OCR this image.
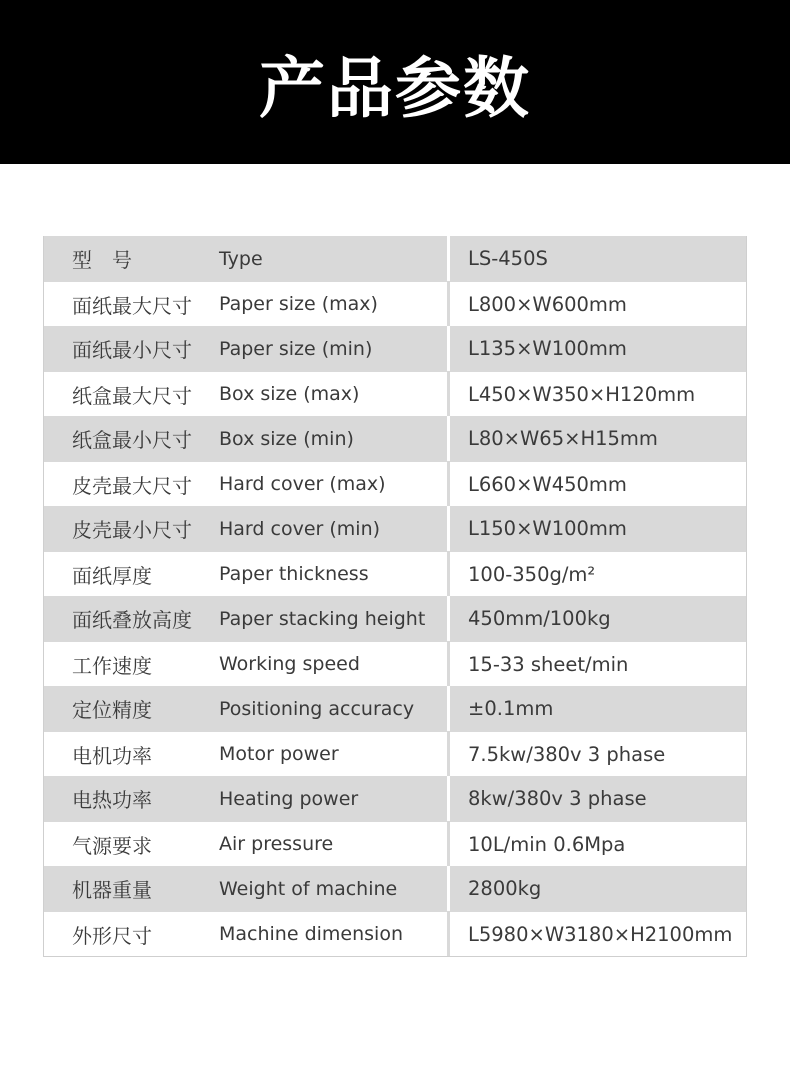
产品参数
型　号	Type	LS-450S
面纸最大尺寸	Paper size (max)	L800×W600mm
面纸最小尺寸	Paper size (min)	L135×W100mm
纸盒最大尺寸	Box size (max)	L450×W350×H120mm
纸盒最小尺寸	Box size (min)	L80×W65×H15mm
皮壳最大尺寸	Hard cover (max)	L660×W450mm
皮壳最小尺寸	Hard cover (min)	L150×W100mm
面纸厚度	Paper thickness	100-350g/m²
面纸叠放高度	Paper stacking height	450mm/100kg
工作速度	Working speed	15-33 sheet/min
定位精度	Positioning accuracy	±0.1mm
电机功率	Motor power	7.5kw/380v 3 phase
电热功率	Heating power	8kw/380v 3 phase
气源要求	Air pressure	10L/min 0.6Mpa
机器重量	Weight of machine	2800kg
外形尺寸	Machine dimension	L5980×W3180×H2100mm
